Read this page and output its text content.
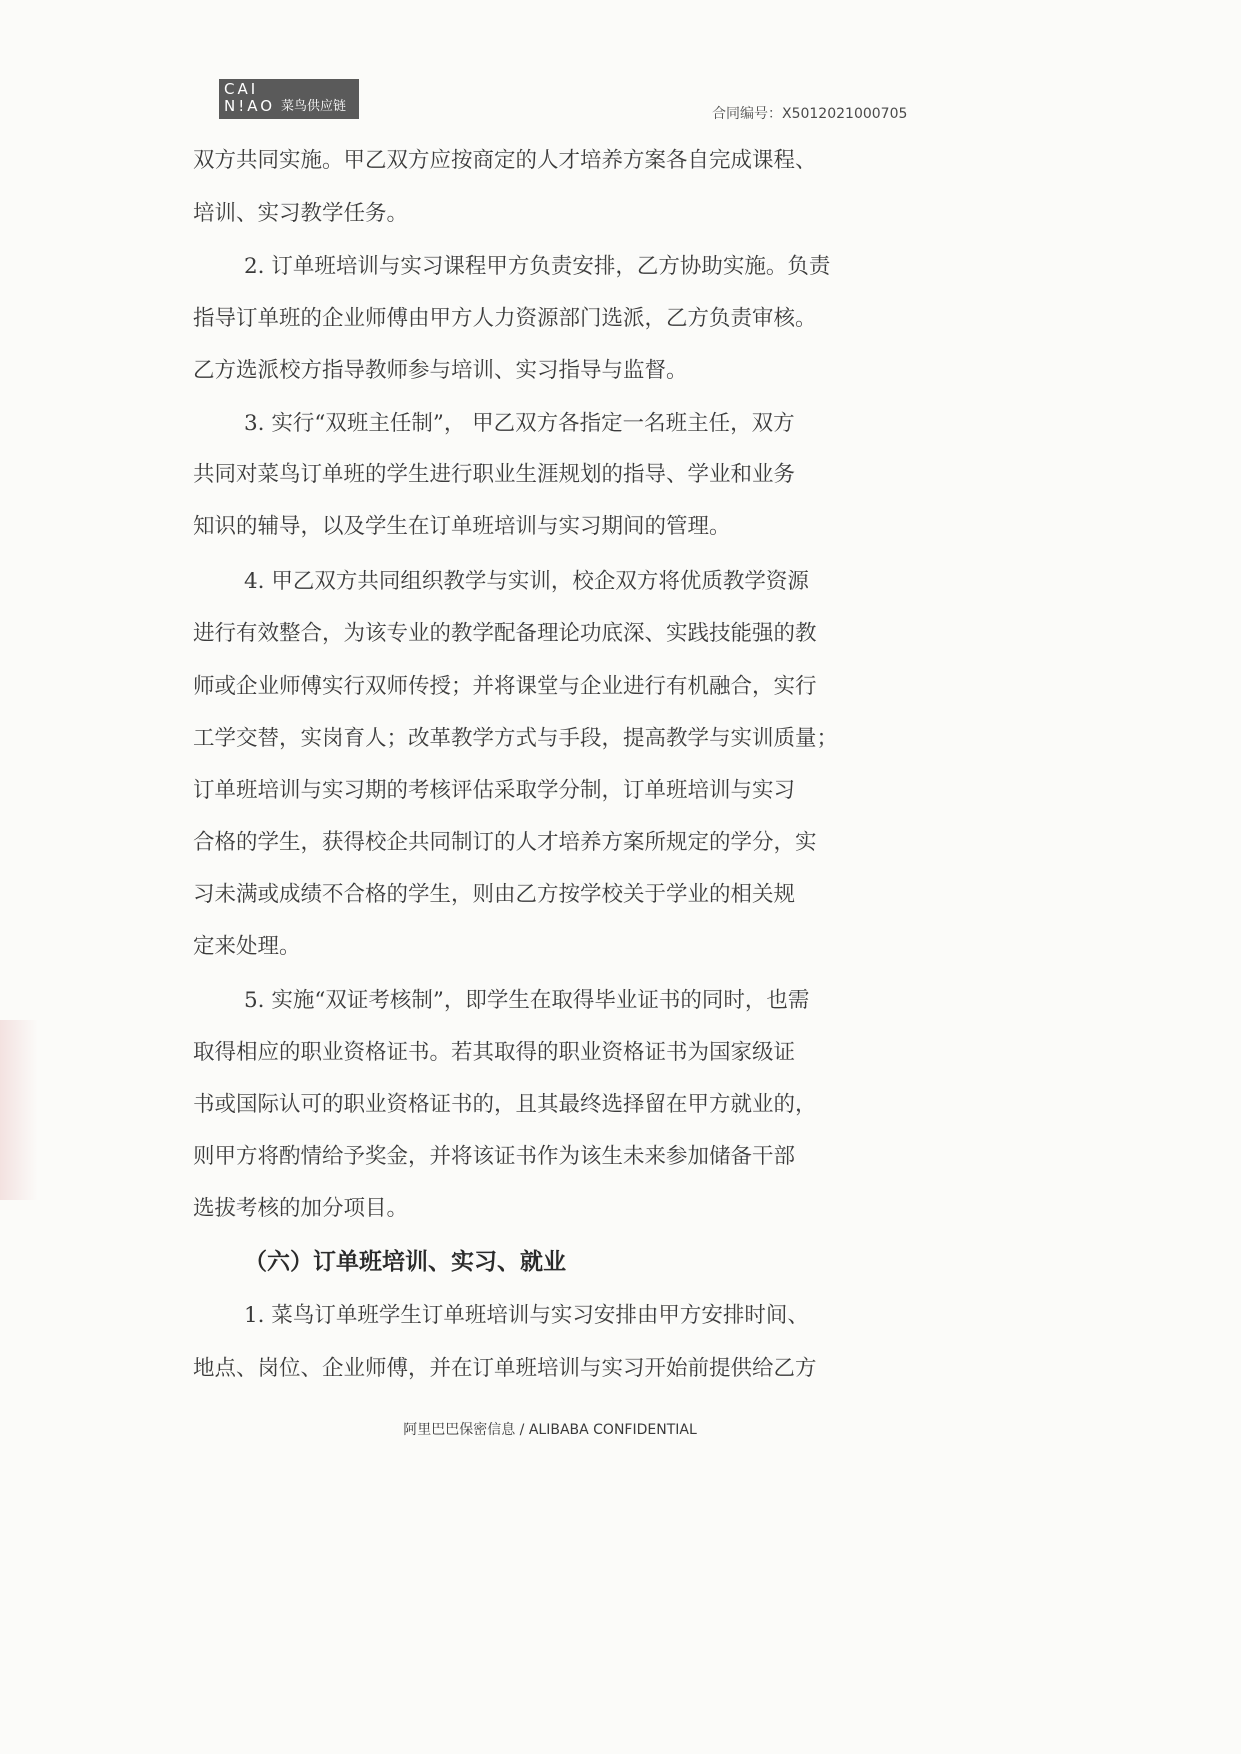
CAI
N!AO 菜鸟供应链	合同编号：X5012021000705
双方共同实施。甲乙双方应按商定的人才培养方案各自完成课程、
培训、实习教学任务。
2. 订单班培训与实习课程甲方负责安排，乙方协助实施。负责
指导订单班的企业师傅由甲方人力资源部门选派，乙方负责审核。
乙方选派校方指导教师参与培训、实习指导与监督。
3. 实行“双班主任制”， 甲乙双方各指定一名班主任，双方
共同对菜鸟订单班的学生进行职业生涯规划的指导、学业和业务
知识的辅导，以及学生在订单班培训与实习期间的管理。
4. 甲乙双方共同组织教学与实训，校企双方将优质教学资源
进行有效整合，为该专业的教学配备理论功底深、实践技能强的教
师或企业师傅实行双师传授；并将课堂与企业进行有机融合，实行
工学交替，实岗育人；改革教学方式与手段，提高教学与实训质量；
订单班培训与实习期的考核评估采取学分制，订单班培训与实习
合格的学生，获得校企共同制订的人才培养方案所规定的学分，实
习未满或成绩不合格的学生，则由乙方按学校关于学业的相关规
定来处理。
5. 实施“双证考核制”，即学生在取得毕业证书的同时，也需
取得相应的职业资格证书。若其取得的职业资格证书为国家级证
书或国际认可的职业资格证书的，且其最终选择留在甲方就业的，
则甲方将酌情给予奖金，并将该证书作为该生未来参加储备干部
选拔考核的加分项目。
（六）订单班培训、实习、就业
1. 菜鸟订单班学生订单班培训与实习安排由甲方安排时间、
地点、岗位、企业师傅，并在订单班培训与实习开始前提供给乙方
阿里巴巴保密信息 / ALIBABA CONFIDENTIAL
